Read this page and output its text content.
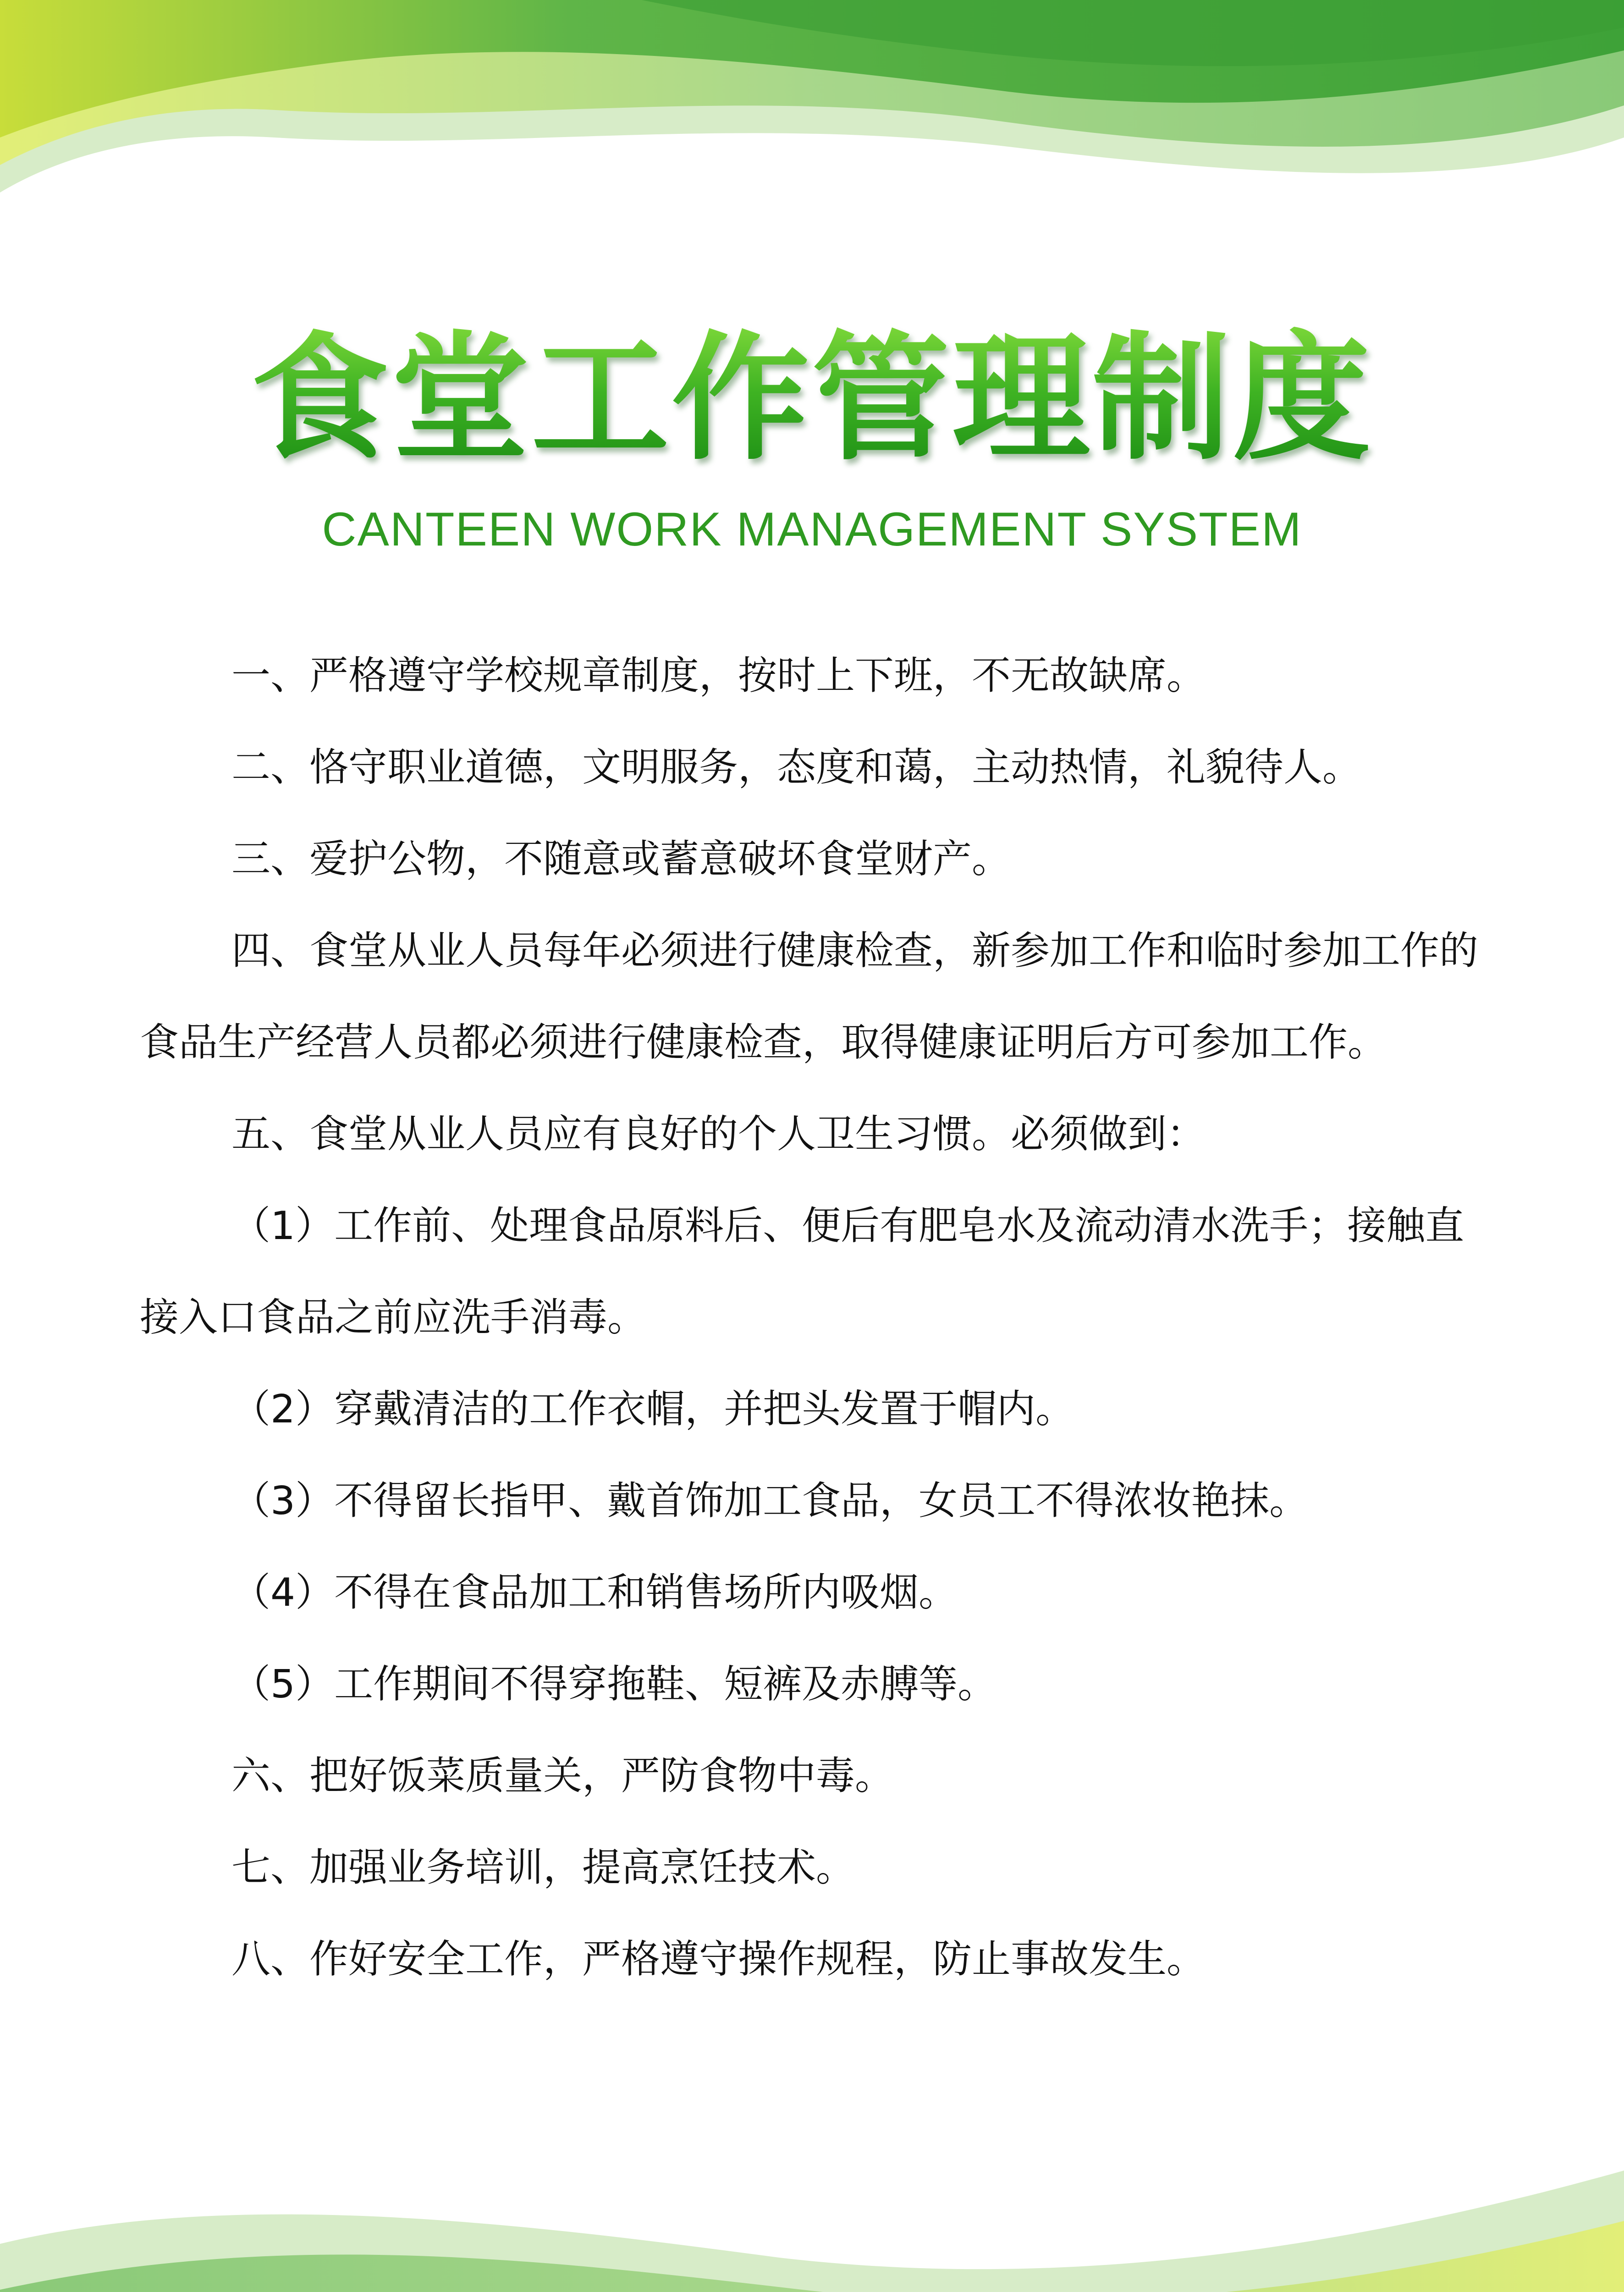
食堂工作管理制度
CANTEEN WORK MANAGEMENT SYSTEM

一、严格遵守学校规章制度，按时上下班，不无故缺席。

二、恪守职业道德，文明服务，态度和蔼，主动热情，礼貌待人。

三、爱护公物，不随意或蓄意破坏食堂财产。

四、食堂从业人员每年必须进行健康检查，新参加工作和临时参加工作的食品生产经营人员都必须进行健康检查，取得健康证明后方可参加工作。

五、食堂从业人员应有良好的个人卫生习惯。必须做到：

（1）工作前、处理食品原料后、便后有肥皂水及流动清水洗手；接触直接入口食品之前应洗手消毒。

（2）穿戴清洁的工作衣帽，并把头发置于帽内。

（3）不得留长指甲、戴首饰加工食品，女员工不得浓妆艳抹。

（4）不得在食品加工和销售场所内吸烟。

（5）工作期间不得穿拖鞋、短裤及赤膊等。

六、把好饭菜质量关，严防食物中毒。

七、加强业务培训，提高烹饪技术。

八、作好安全工作，严格遵守操作规程，防止事故发生。
